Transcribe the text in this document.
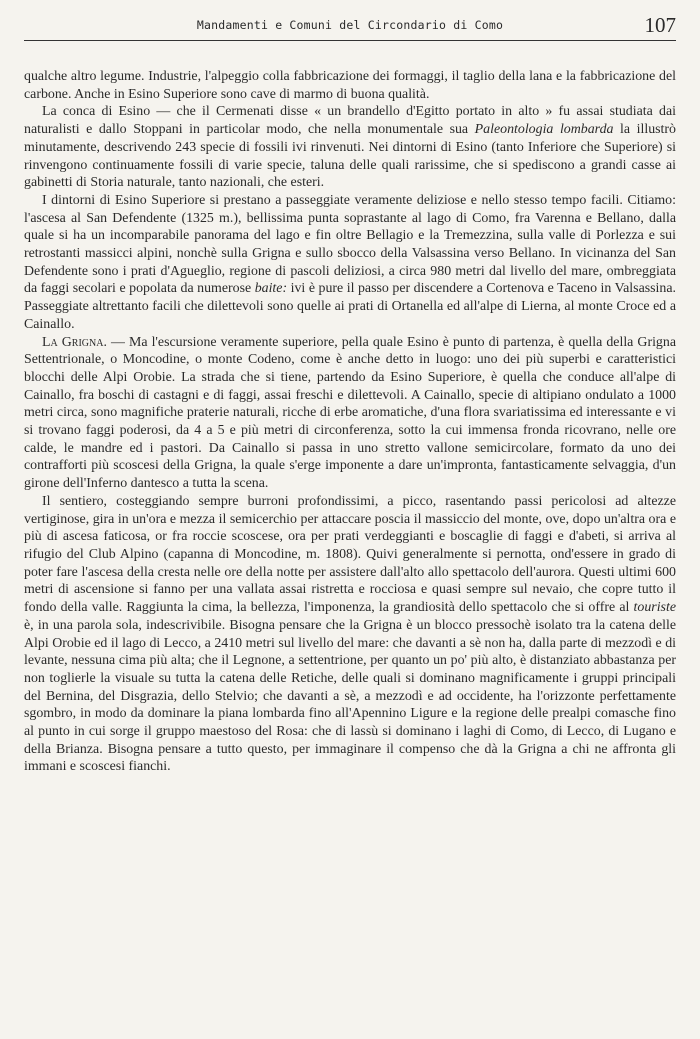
Mandamenti e Comuni del Circondario di Como	107

qualche altro legume. Industrie, l'alpeggio colla fabbricazione dei formaggi, il taglio della lana e la fabbricazione del carbone. Anche in Esino Superiore sono cave di marmo di buona qualità.

La conca di Esino — che il Cermenati disse « un brandello d'Egitto portato in alto » fu assai studiata dai naturalisti e dallo Stoppani in particolar modo, che nella monumentale sua Paleontologia lombarda la illustrò minutamente, descrivendo 243 specie di fossili ivi rinvenuti. Nei dintorni di Esino (tanto Inferiore che Superiore) si rinvengono continuamente fossili di varie specie, taluna delle quali rarissime, che si spediscono a grandi casse ai gabinetti di Storia naturale, tanto nazionali, che esteri.

I dintorni di Esino Superiore si prestano a passeggiate veramente deliziose e nello stesso tempo facili. Citiamo: l'ascesa al San Defendente (1325 m.), bellissima punta soprastante al lago di Como, fra Varenna e Bellano, dalla quale si ha un incomparabile panorama del lago e fin oltre Bellagio e la Tremezzina, sulla valle di Porlezza e sui retrostanti massicci alpini, nonchè sulla Grigna e sullo sbocco della Valsassina verso Bellano. In vicinanza del San Defendente sono i prati d'Agueglio, regione di pascoli deliziosi, a circa 980 metri dal livello del mare, ombreggiata da faggi secolari e popolata da numerose baite: ivi è pure il passo per discendere a Cortenova e Taceno in Valsassina. Passeggiate altrettanto facili che dilettevoli sono quelle ai prati di Ortanella ed all'alpe di Lierna, al monte Croce ed a Cainallo.

La Grigna. — Ma l'escursione veramente superiore, pella quale Esino è punto di partenza, è quella della Grigna Settentrionale, o Moncodine, o monte Codeno, come è anche detto in luogo: uno dei più superbi e caratteristici blocchi delle Alpi Orobie. La strada che si tiene, partendo da Esino Superiore, è quella che conduce all'alpe di Cainallo, fra boschi di castagni e di faggi, assai freschi e dilettevoli. A Cainallo, specie di altipiano ondulato a 1000 metri circa, sono magnifiche praterie naturali, ricche di erbe aromatiche, d'una flora svariatissima ed interessante e vi si trovano faggi poderosi, da 4 a 5 e più metri di circonferenza, sotto la cui immensa fronda ricovrano, nelle ore calde, le mandre ed i pastori. Da Cainallo si passa in uno stretto vallone semicircolare, formato da uno dei contrafforti più scoscesi della Grigna, la quale s'erge imponente a dare un'impronta, fantasticamente selvaggia, d'un girone dell'Inferno dantesco a tutta la scena.

Il sentiero, costeggiando sempre burroni profondissimi, a picco, rasentando passi pericolosi ad altezze vertiginose, gira in un'ora e mezza il semicerchio per attaccare poscia il massiccio del monte, ove, dopo un'altra ora e più di ascesa faticosa, or fra roccie scoscese, ora per prati verdeggianti e boscaglie di faggi e d'abeti, si arriva al rifugio del Club Alpino (capanna di Moncodine, m. 1808). Quivi generalmente si pernotta, ond'essere in grado di poter fare l'ascesa della cresta nelle ore della notte per assistere dall'alto allo spettacolo dell'aurora. Questi ultimi 600 metri di ascensione si fanno per una vallata assai ristretta e rocciosa e quasi sempre sul nevaio, che copre tutto il fondo della valle. Raggiunta la cima, la bellezza, l'imponenza, la grandiosità dello spettacolo che si offre al touriste è, in una parola sola, indescrivibile. Bisogna pensare che la Grigna è un blocco pressochè isolato tra la catena delle Alpi Orobie ed il lago di Lecco, a 2410 metri sul livello del mare: che davanti a sè non ha, dalla parte di mezzodì e di levante, nessuna cima più alta; che il Legnone, a settentrione, per quanto un po' più alto, è distanziato abbastanza per non toglierle la visuale su tutta la catena delle Retiche, delle quali si dominano magnificamente i gruppi principali del Bernina, del Disgrazia, dello Stelvio; che davanti a sè, a mezzodì e ad occidente, ha l'orizzonte perfettamente sgombro, in modo da dominare la piana lombarda fino all'Apennino Ligure e la regione delle prealpi comasche fino al punto in cui sorge il gruppo maestoso del Rosa: che di lassù si dominano i laghi di Como, di Lecco, di Lugano e della Brianza. Bisogna pensare a tutto questo, per immaginare il compenso che dà la Grigna a chi ne affronta gli immani e scoscesi fianchi.
